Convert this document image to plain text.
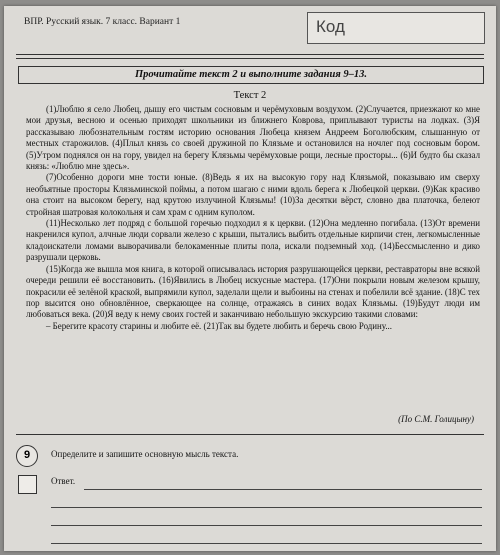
ВПР. Русский язык. 7 класс. Вариант 1	Код
Прочитайте текст 2 и выполните задания 9–13.
Текст 2

(1)Люблю я село Любец, дышу его чистым сосновым и черёмуховым воздухом. (2)Случается, приезжают ко мне мои друзья, весною и осенью приходят школьники из ближнего Коврова, приплывают туристы на лодках. (3)Я рассказываю любознательным гостям историю основания Любеца князем Андреем Боголюбским, слышанную от местных старожилов. (4)Плыл князь со своей дружиной по Клязьме и остановился на ночлег под сосновым бором. (5)Утром поднялся он на гору, увидел на берегу Клязьмы черёмуховые рощи, лесные просторы... (6)И будто бы сказал князь: «Люблю мне здесь».

(7)Особенно дороги мне тости юные. (8)Ведь я их на высокую гору над Клязьмой, показываю им сверху необъятные просторы Клязьминской поймы, а потом шагаю с ними вдоль берега к Любецкой церкви. (9)Как красиво она стоит на высоком берегу, над крутою излучиной Клязьмы! (10)За десятки вёрст, словно два платочка, белеют стройная шатровая колокольня и сам храм с одним куполом.

(11)Несколько лет подряд с большой горечью подходил я к церкви. (12)Она медленно погибала. (13)От времени накренился купол, алчные люди сорвали железо с крыши, пытались выбить отдельные кирпичи стен, легкомысленные кладоискатели ломами выворачивали белокаменные плиты пола, искали подземный ход. (14)Бессмысленно и дико разрушали церковь.

(15)Когда же вышла моя книга, в которой описывалась история разрушающейся церкви, реставраторы вне всякой очереди решили её восстановить. (16)Явились в Любец искусные мастера. (17)Они покрыли новым железом крышу, покрасили её зелёной краской, выпрямили купол, заделали щели и выбоины на стенах и побелили всё здание. (18)С тех пор высится оно обновлённое, сверкающее на солнце, отражаясь в синих водах Клязьмы. (19)Будут люди им любоваться века. (20)Я веду к нему своих гостей и заканчиваю небольшую экскурсию такими словами:

– Берегите красоту старины и любите её. (21)Так вы будете любить и беречь свою Родину...

(По С.М. Голицыну)
9	Определите и запишите основную мысль текста.
Ответ.
